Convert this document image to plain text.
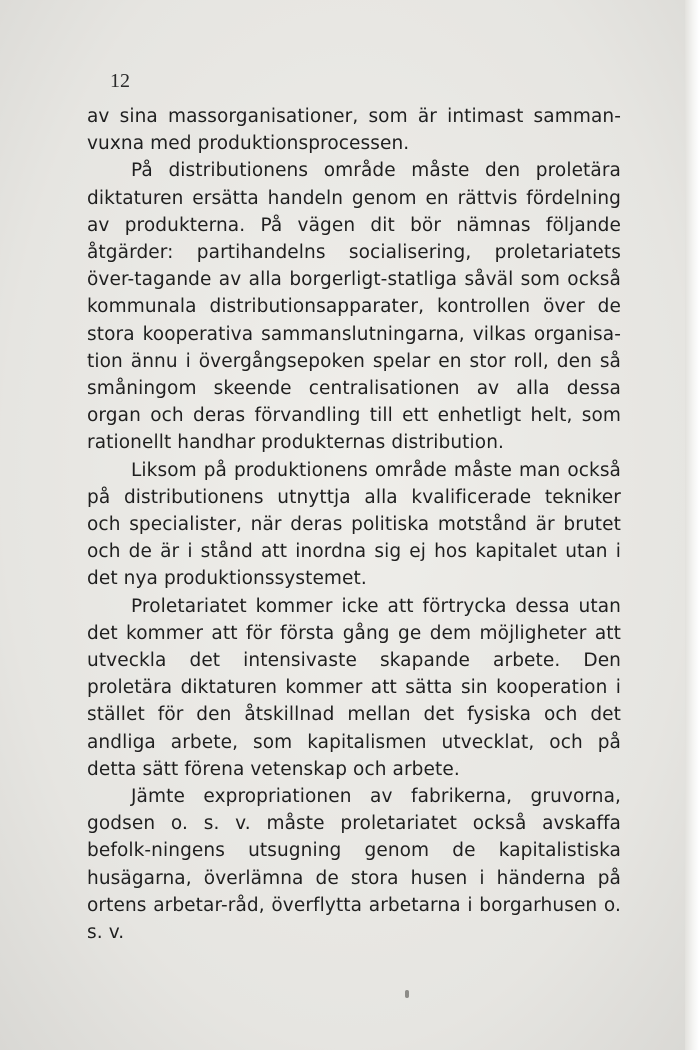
12

av sina massorganisationer, som är intimast samman-vuxna med produktionsprocessen.

På distributionens område måste den proletära diktaturen ersätta handeln genom en rättvis fördelning av produkterna. På vägen dit bör nämnas följande åtgärder: partihandelns socialisering, proletariatets över-tagande av alla borgerligt-statliga såväl som också kommunala distributionsapparater, kontrollen över de stora kooperativa sammanslutningarna, vilkas organisa-tion ännu i övergångsepoken spelar en stor roll, den så småningom skeende centralisationen av alla dessa organ och deras förvandling till ett enhetligt helt, som rationellt handhar produkternas distribution.

Liksom på produktionens område måste man också på distributionens utnyttja alla kvalificerade tekniker och specialister, när deras politiska motstånd är brutet och de är i stånd att inordna sig ej hos kapitalet utan i det nya produktionssystemet.

Proletariatet kommer icke att förtrycka dessa utan det kommer att för första gång ge dem möjligheter att utveckla det intensivaste skapande arbete. Den proletära diktaturen kommer att sätta sin kooperation i stället för den åtskillnad mellan det fysiska och det andliga arbete, som kapitalismen utvecklat, och på detta sätt förena vetenskap och arbete.

Jämte expropriationen av fabrikerna, gruvorna, godsen o. s. v. måste proletariatet också avskaffa befolk-ningens utsugning genom de kapitalistiska husägarna, överlämna de stora husen i händerna på ortens arbetar-råd, överflytta arbetarna i borgarhusen o. s. v.
